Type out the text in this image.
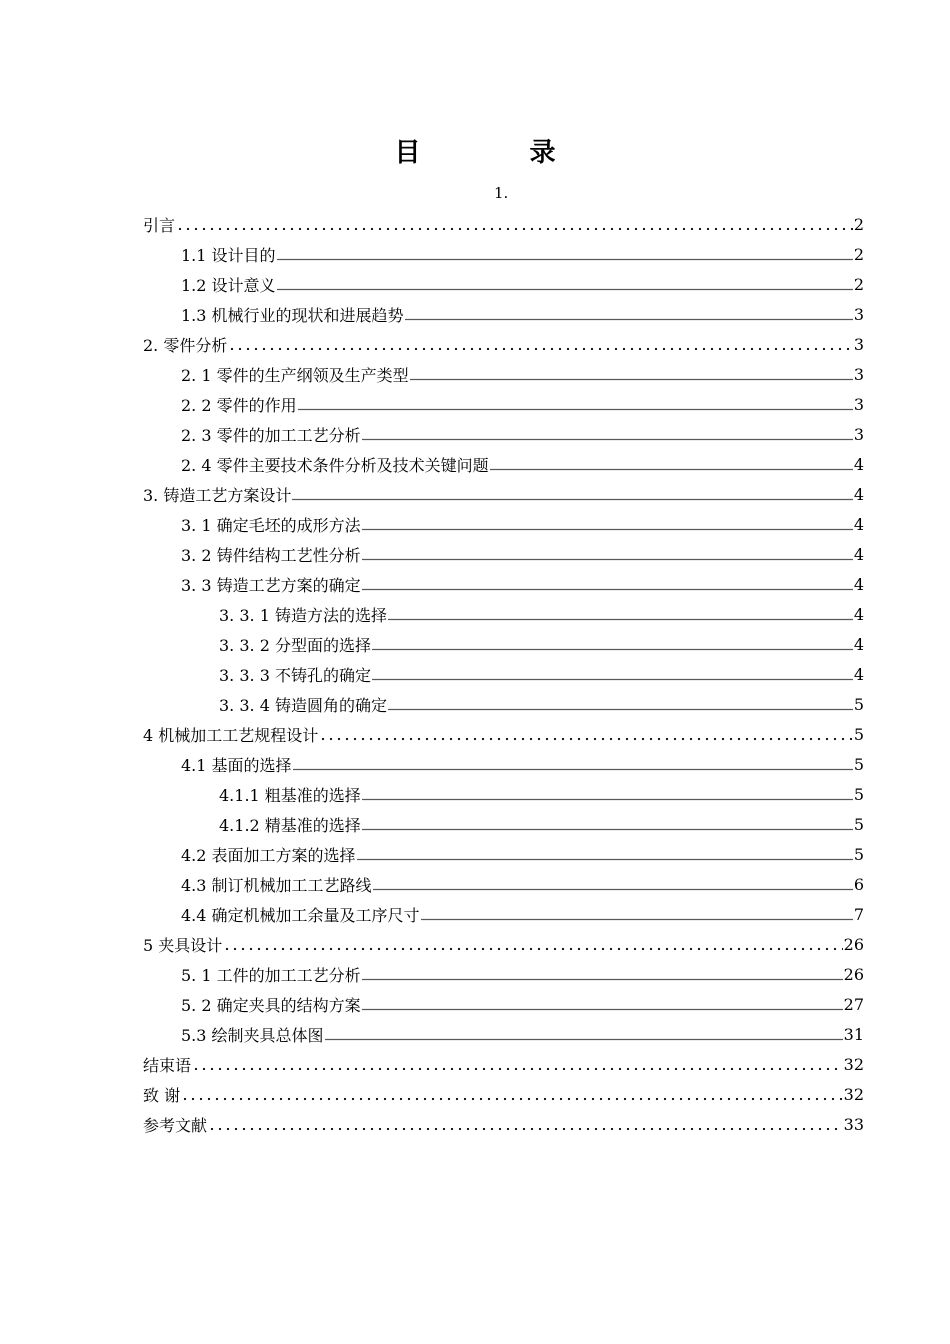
目 录
1.
引言	2
1.1 设计目的	2
1.2 设计意义	2
1.3 机械行业的现状和进展趋势	3
2. 零件分析	3
2. 1 零件的生产纲领及生产类型	3
2. 2 零件的作用	3
2. 3 零件的加工工艺分析	3
2. 4 零件主要技术条件分析及技术关键问题	4
3. 铸造工艺方案设计	4
3. 1 确定毛坯的成形方法	4
3. 2 铸件结构工艺性分析	4
3. 3 铸造工艺方案的确定	4
3. 3. 1 铸造方法的选择	4
3. 3. 2 分型面的选择	4
3. 3. 3 不铸孔的确定	4
3. 3. 4 铸造圆角的确定	5
4 机械加工工艺规程设计	5
4.1 基面的选择	5
4.1.1 粗基准的选择	5
4.1.2 精基准的选择	5
4.2 表面加工方案的选择	5
4.3 制订机械加工工艺路线	6
4.4 确定机械加工余量及工序尺寸	7
5 夹具设计	26
5. 1 工件的加工工艺分析	26
5. 2 确定夹具的结构方案	27
5.3 绘制夹具总体图	31
结束语	32
致 谢	32
参考文献	33
